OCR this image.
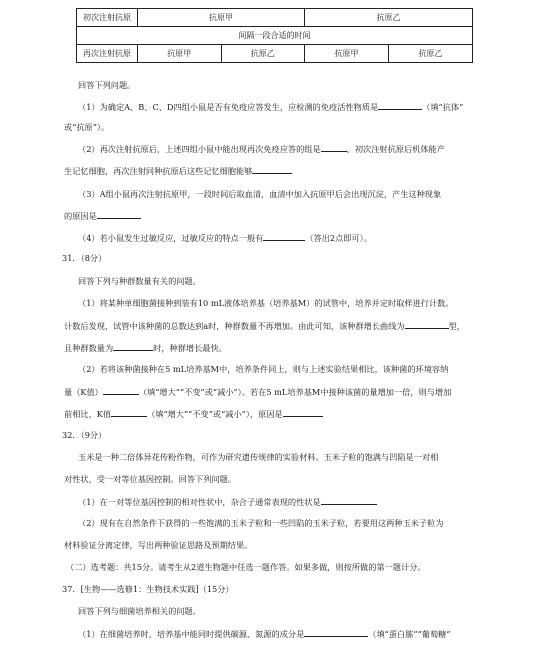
初次注射抗原	抗原甲		抗原乙	
间隔一段合适的时间				
再次注射抗原	抗原甲	抗原乙	抗原甲	抗原乙
回答下列问题。
（1）为确定A、B、C、D四组小鼠是否有免疫应答发生，应检测的免疫活性物质是	（填“抗体”
或“抗原”）。
（2）再次注射抗原后，上述四组小鼠中能出现再次免疫应答的组是	。初次注射抗原后机体能产
生记忆细胞，再次注射同种抗原后这些记忆细胞能够
（3）A组小鼠再次注射抗原甲，一段时间后取血清，血清中加入抗原甲后会出现沉淀，产生这种现象
的原因是
（4）若小鼠发生过敏反应，过敏反应的特点一般有	（答出2点即可）。
31．（8分）
回答下列与种群数量有关的问题。
（1）将某种单细胞菌接种到装有10 mL液体培养基（培养基M）的试管中，培养并定时取样进行计数。
计数后发现，试管中该种菌的总数达到a时，种群数量不再增加。由此可知，该种群增长曲线为	型，
且种群数量为	时，种群增长最快。
（2）若将该种菌接种在5 mL培养基M中，培养条件同上，则与上述实验结果相比，该种菌的环境容纳
量（K值）	（填“增大”“不变”或“减小”）。若在5 mL培养基M中接种该菌的量增加一倍，则与增加
前相比，K值	（填“增大”“不变”或“减小”），原因是
32．（9分）
玉米是一种二倍体异花传粉作物，可作为研究遗传规律的实验材料。玉米子粒的饱满与凹陷是一对相
对性状，受一对等位基因控制。回答下列问题。
（1）在一对等位基因控制的相对性状中，杂合子通常表现的性状是
（2）现有在自然条件下获得的一些饱满的玉米子粒和一些凹陷的玉米子粒，若要用这两种玉米子粒为
材料验证分离定律，写出两种验证思路及预期结果。
（二）选考题：共15分。请考生从2道生物题中任选一题作答。如果多做，则按所做的第一题计分。
37．[生物——选修1：生物技术实践]（15分）
回答下列与细菌培养相关的问题。
（1）在细菌培养时，培养基中能同时提供碳源、氮源的成分是	（填“蛋白胨”“葡萄糖”
